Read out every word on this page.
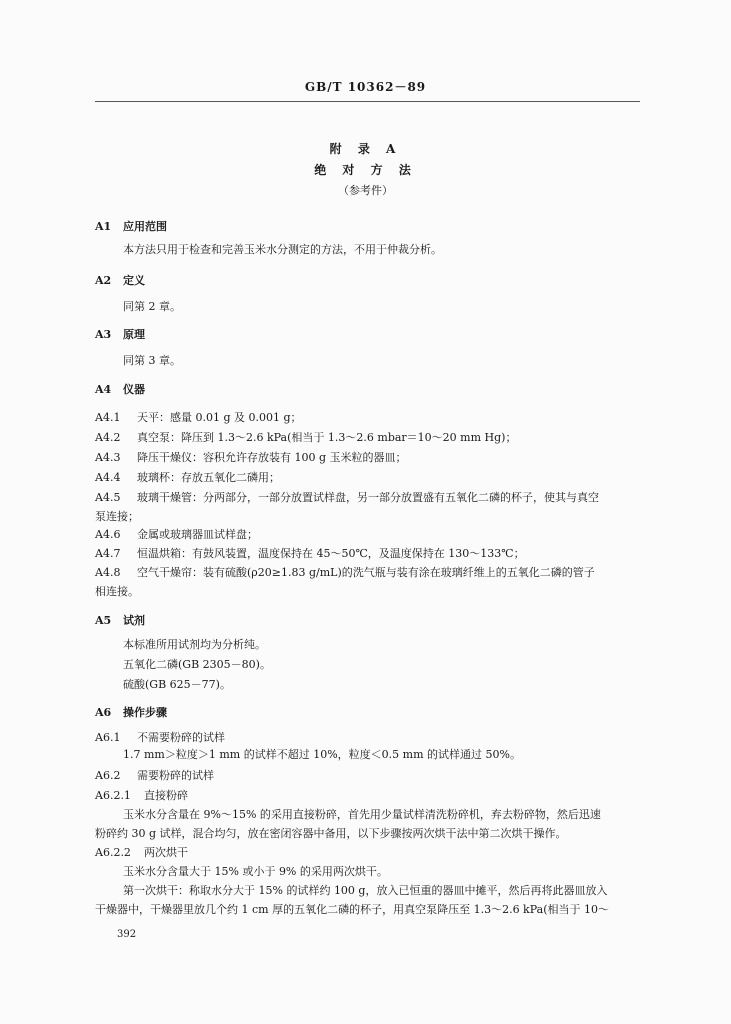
GB/T 10362－89
附 录 A
绝 对 方 法
（参考件）
A1 应用范围
本方法只用于检查和完善玉米水分测定的方法，不用于仲裁分析。
A2 定义
同第 2 章。
A3 原理
同第 3 章。
A4 仪器
A4.1 天平：感量 0.01 g 及 0.001 g；
A4.2 真空泵：降压到 1.3～2.6 kPa(相当于 1.3～2.6 mbar＝10～20 mm Hg)；
A4.3 降压干燥仪：容积允许存放装有 100 g 玉米粒的器皿；
A4.4 玻璃杯：存放五氧化二磷用；
A4.5 玻璃干燥管：分两部分，一部分放置试样盘，另一部分放置盛有五氧化二磷的杯子，使其与真空
泵连接；
A4.6 金属或玻璃器皿试样盘；
A4.7 恒温烘箱：有鼓风装置，温度保持在 45～50℃，及温度保持在 130～133℃；
A4.8 空气干燥帘：装有硫酸(ρ20≥1.83 g/mL)的洗气瓶与装有涂在玻璃纤维上的五氧化二磷的管子
相连接。
A5 试剂
本标准所用试剂均为分析纯。
五氧化二磷(GB 2305－80)。
硫酸(GB 625－77)。
A6 操作步骤
A6.1 不需要粉碎的试样
1.7 mm＞粒度＞1 mm 的试样不超过 10%，粒度＜0.5 mm 的试样通过 50%。
A6.2 需要粉碎的试样
A6.2.1 直接粉碎
玉米水分含量在 9%～15% 的采用直接粉碎，首先用少量试样清洗粉碎机，弃去粉碎物，然后迅速
粉碎约 30 g 试样，混合均匀，放在密闭容器中备用，以下步骤按两次烘干法中第二次烘干操作。
A6.2.2 两次烘干
玉米水分含量大于 15% 或小于 9% 的采用两次烘干。
第一次烘干：称取水分大于 15% 的试样约 100 g，放入已恒重的器皿中摊平，然后再将此器皿放入
干燥器中，干燥器里放几个约 1 cm 厚的五氧化二磷的杯子，用真空泵降压至 1.3～2.6 kPa(相当于 10～
392
